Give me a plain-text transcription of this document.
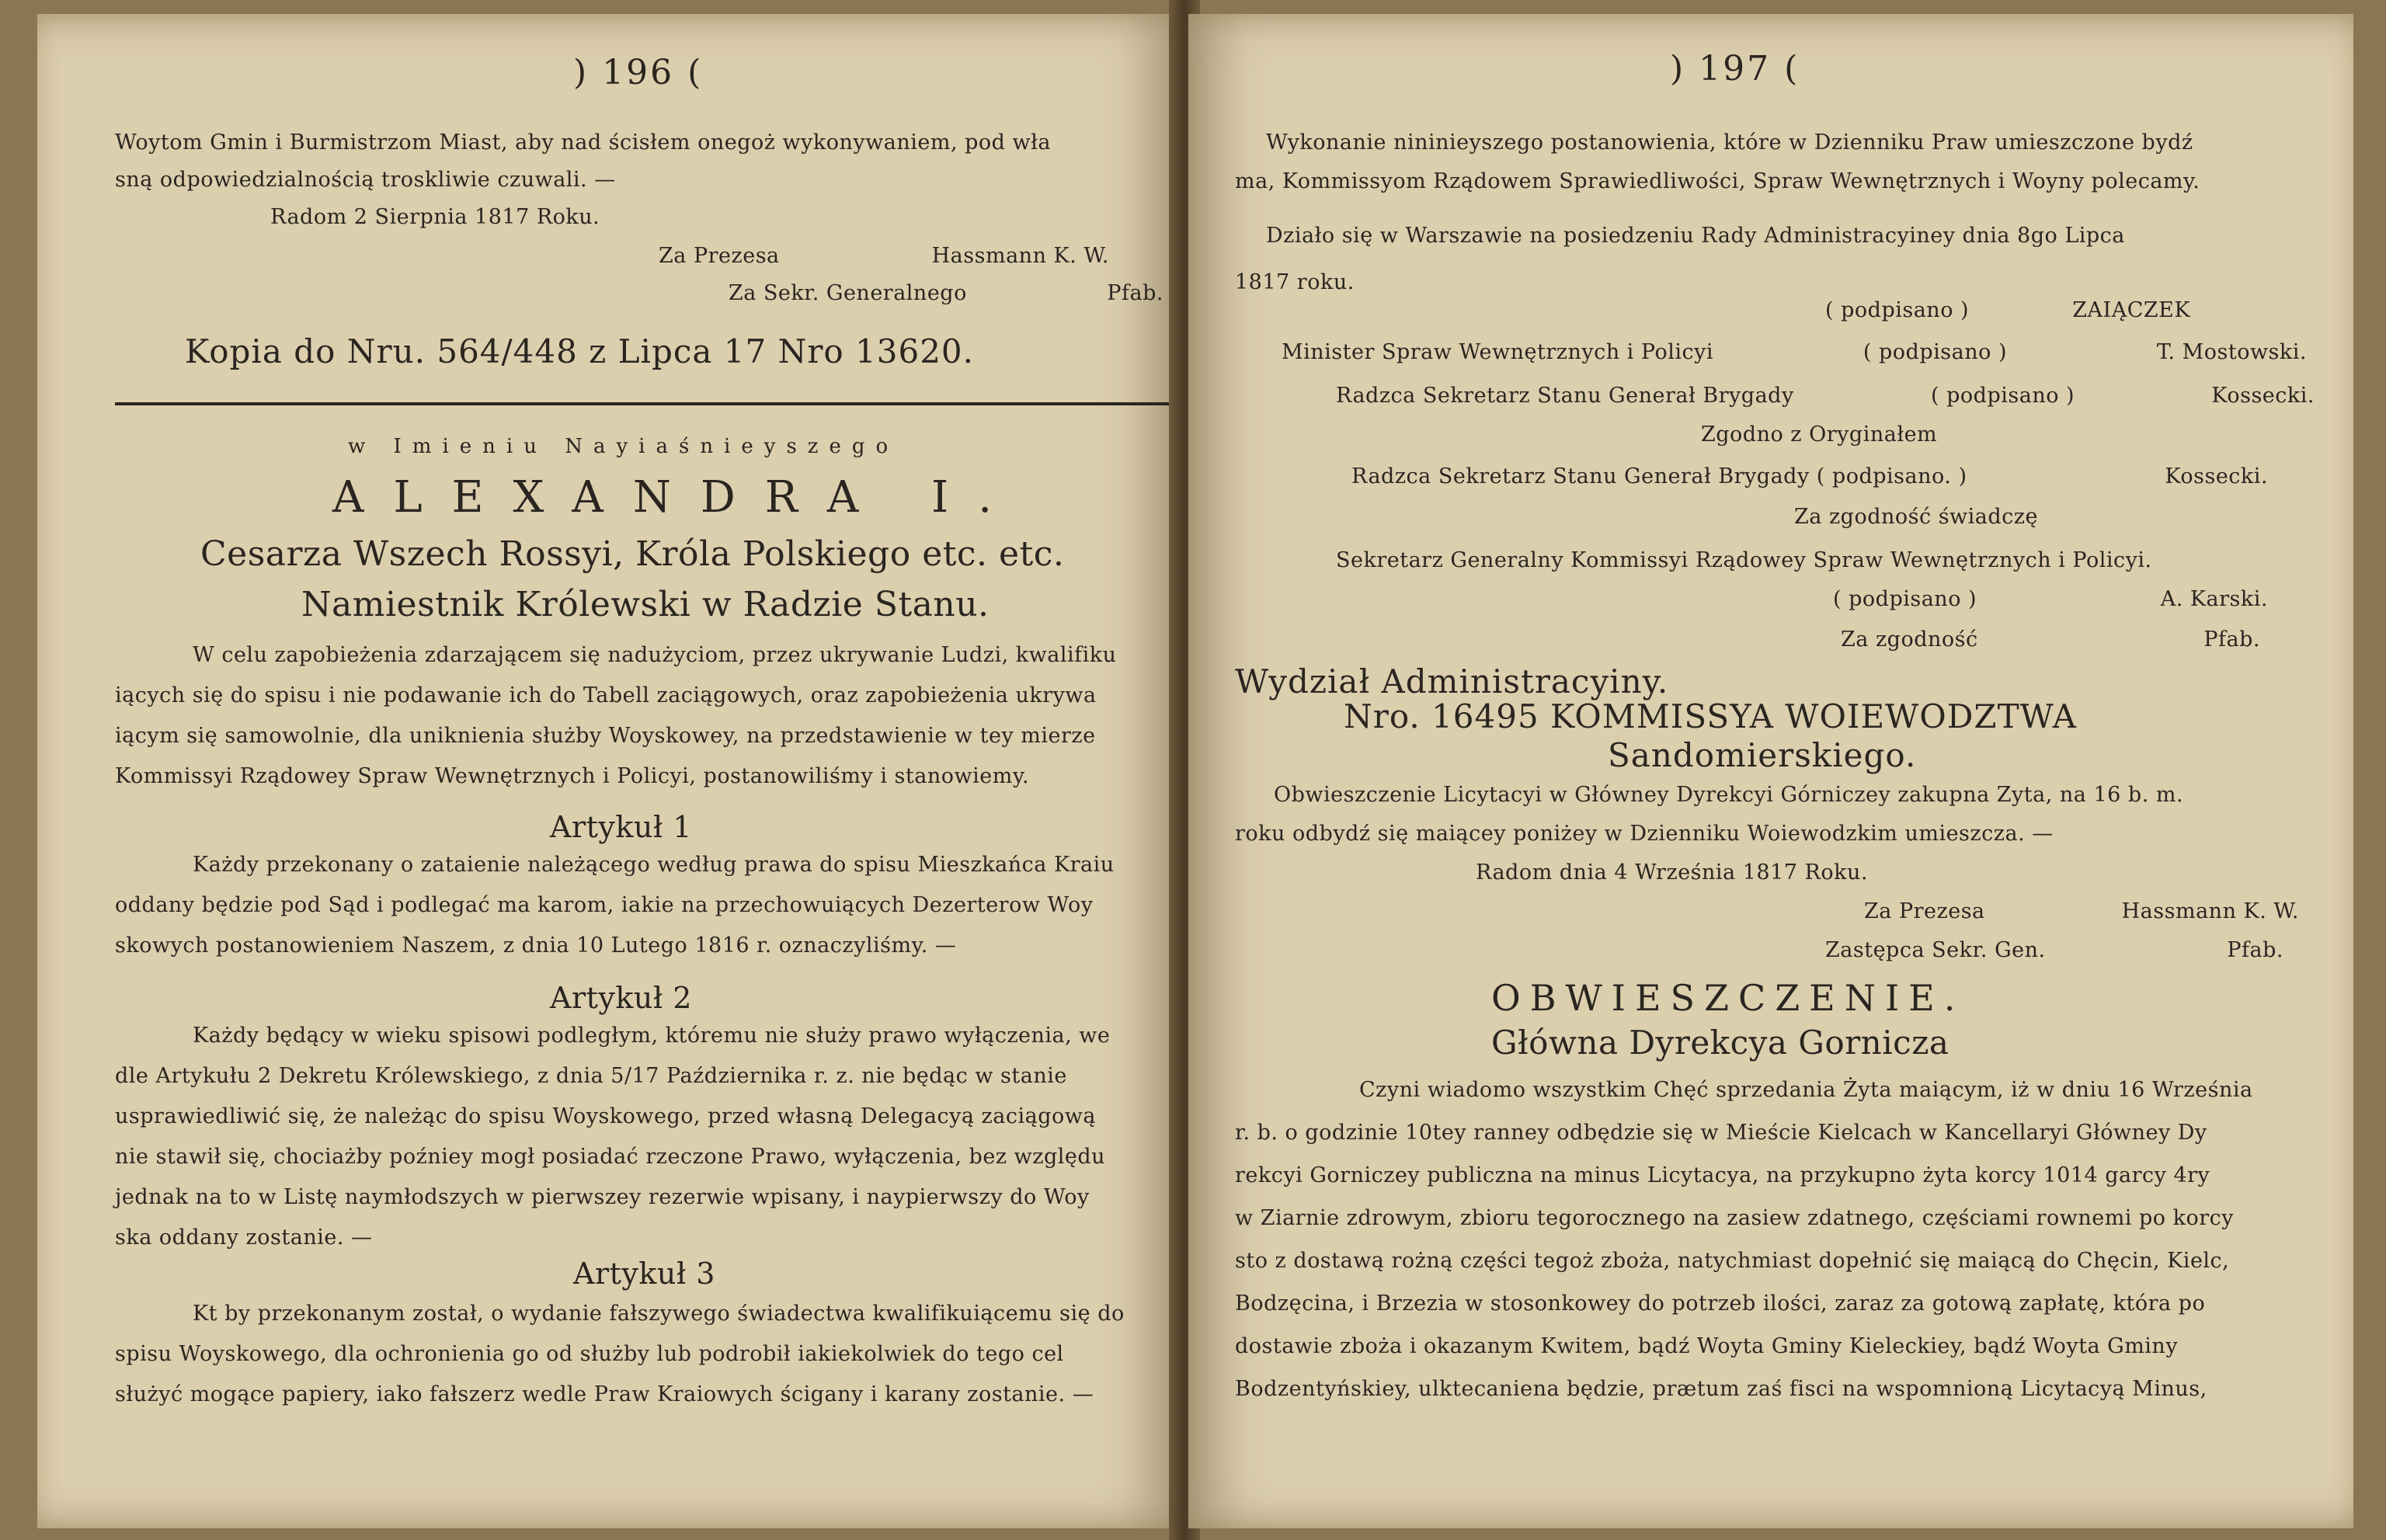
) 196 (
Woytom Gmin i Burmistrzom Miast, aby nad ścisłem onegoż wykonywaniem, pod wła
sną odpowiedzialnością troskliwie czuwali. —
Radom 2 Sierpnia 1817 Roku.
Za Prezesa	Hassmann K. W.
Za Sekr. Generalnego	Pfab.
Kopia do Nru. 564/448 z Lipca 17 Nro 13620.
w Imieniu Nayiaśnieyszego
ALEXANDRA I.
Cesarza Wszech Rossyi, Króla Polskiego etc. etc.
Namiestnik Królewski w Radzie Stanu.
W celu zapobieżenia zdarzającem się nadużyciom, przez ukrywanie Ludzi, kwalifiku
iących się do spisu i nie podawanie ich do Tabell zaciągowych, oraz zapobieżenia ukrywa
iącym się samowolnie, dla uniknienia służby Woyskowey, na przedstawienie w tey mierze
Kommissyi Rządowey Spraw Wewnętrznych i Policyi, postanowiliśmy i stanowiemy.
Artykuł 1
Każdy przekonany o zataienie należącego według prawa do spisu Mieszkańca Kraiu
oddany będzie pod Sąd i podlegać ma karom, iakie na przechowuiących Dezerterow Woy
skowych postanowieniem Naszem, z dnia 10 Lutego 1816 r. oznaczyliśmy. —
Artykuł 2
Każdy będący w wieku spisowi podległym, któremu nie służy prawo wyłączenia, we
dle Artykułu 2 Dekretu Królewskiego, z dnia 5/17 Października r. z. nie będąc w stanie
usprawiedliwić się, że należąc do spisu Woyskowego, przed własną Delegacyą zaciągową
nie stawił się, chociażby poźniey mogł posiadać rzeczone Prawo, wyłączenia, bez względu
jednak na to w Listę naymłodszych w pierwszey rezerwie wpisany, i naypierwszy do Woy
ska oddany zostanie. —
Artykuł 3
Kt by przekonanym został, o wydanie fałszywego świadectwa kwalifikuiącemu się do
spisu Woyskowego, dla ochronienia go od służby lub podrobił iakiekolwiek do tego cel
służyć mogące papiery, iako fałszerz wedle Praw Kraiowych ścigany i karany zostanie. —
) 197 (
Wykonanie nininieyszego postanowienia, które w Dzienniku Praw umieszczone bydź
ma, Kommissyom Rządowem Sprawiedliwości, Spraw Wewnętrznych i Woyny polecamy.
Działo się w Warszawie na posiedzeniu Rady Administracyiney dnia 8go Lipca
1817 roku.
( podpisano )	ZAIĄCZEK
Minister Spraw Wewnętrznych i Policyi	( podpisano )	T. Mostowski.
Radzca Sekretarz Stanu Generał Brygady	( podpisano )	Kossecki.
Zgodno z Oryginałem
Radzca Sekretarz Stanu Generał Brygady ( podpisano. )	Kossecki.
Za zgodność świadczę
Sekretarz Generalny Kommissyi Rządowey Spraw Wewnętrznych i Policyi.
( podpisano )	A. Karski.
Za zgodność	Pfab.
Wydział Administracyiny.
Nro. 16495 KOMMISSYA WOIEWODZTWA
Sandomierskiego.
Obwieszczenie Licytacyi w Główney Dyrekcyi Górniczey zakupna Zyta, na 16 b. m.
roku odbydź się maiącey poniżey w Dzienniku Woiewodzkim umieszcza. —
Radom dnia 4 Września 1817 Roku.
Za Prezesa	Hassmann K. W.
Zastępca Sekr. Gen.	Pfab.
OBWIESZCZENIE.
Główna Dyrekcya Gornicza
Czyni wiadomo wszystkim Chęć sprzedania Żyta maiącym, iż w dniu 16 Września
r. b. o godzinie 10tey ranney odbędzie się w Mieście Kielcach w Kancellaryi Główney Dy
rekcyi Gorniczey publiczna na minus Licytacya, na przykupno żyta korcy 1014 garcy 4ry
w Ziarnie zdrowym, zbioru tegorocznego na zasiew zdatnego, częściami rownemi po korcy
sto z dostawą rożną części tegoż zboża, natychmiast dopełnić się maiącą do Chęcin, Kielc,
Bodzęcina, i Brzezia w stosonkowey do potrzeb ilości, zaraz za gotową zapłatę, która po
dostawie zboża i okazanym Kwitem, bądź Woyta Gminy Kieleckiey, bądź Woyta Gminy
Bodzentyńskiey, ulktecaniena będzie, prætum zaś fisci na wspomnioną Licytacyą Minus,
